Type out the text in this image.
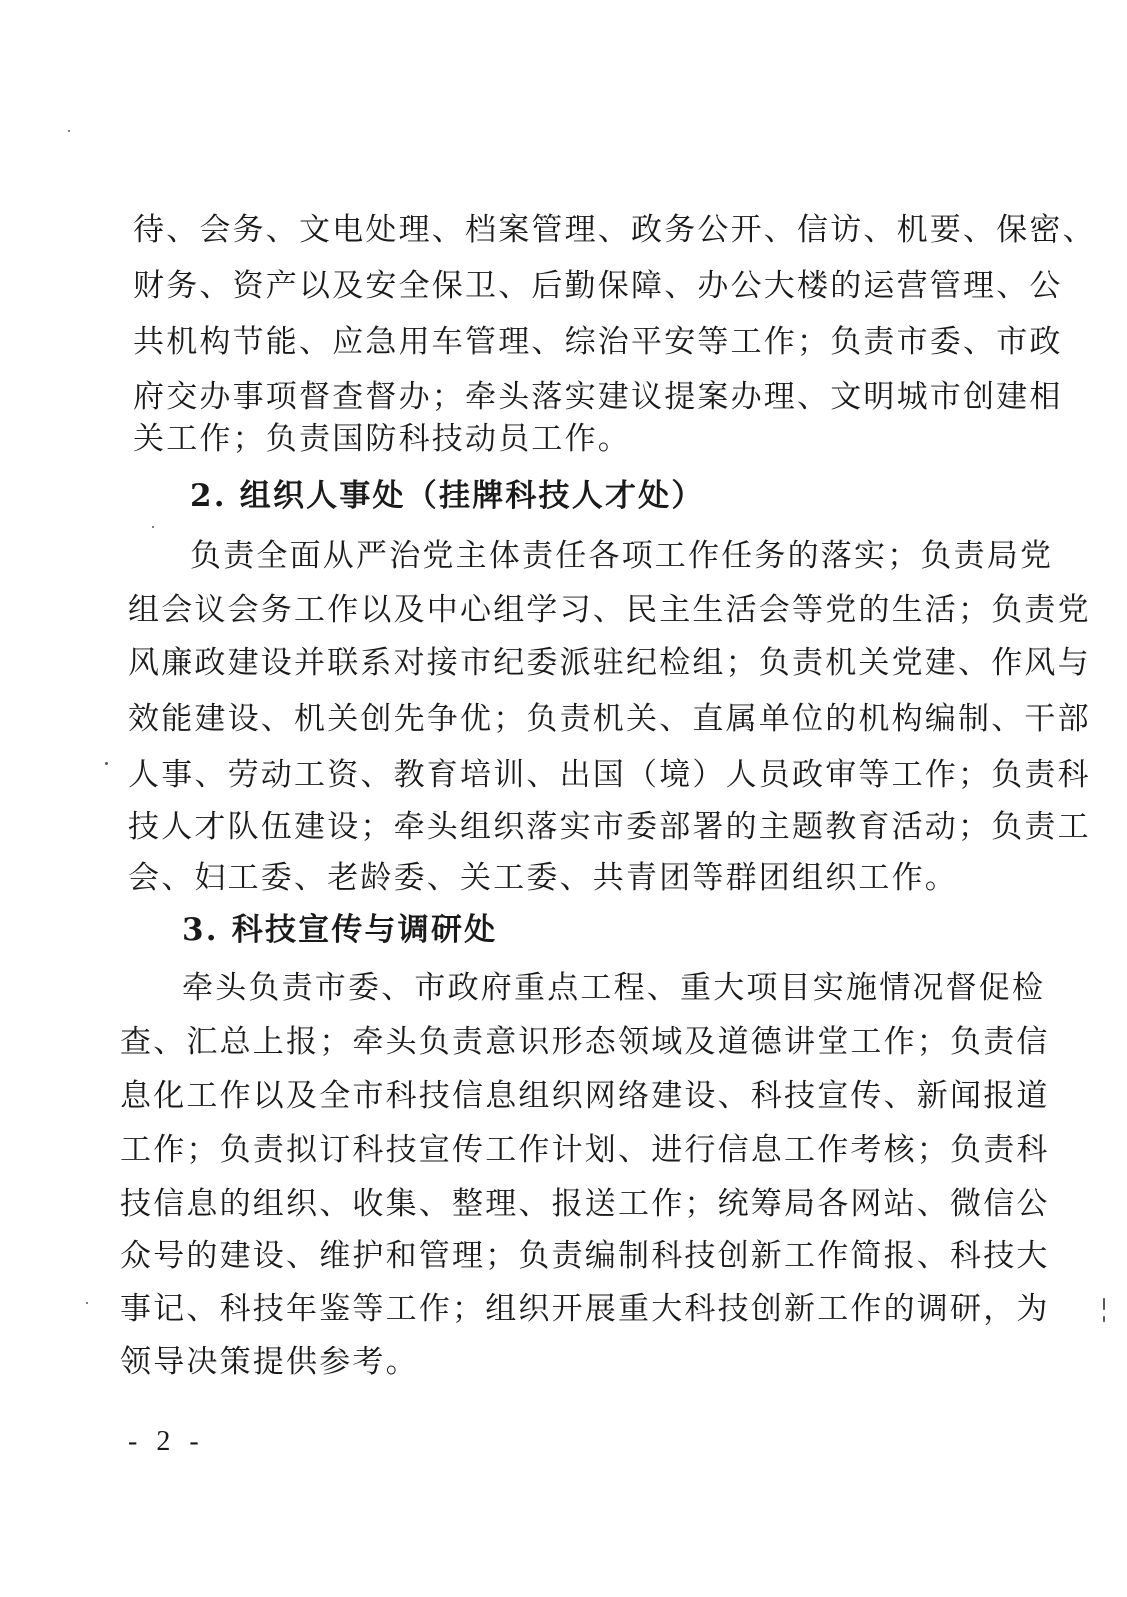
待、会务、文电处理、档案管理、政务公开、信访、机要、保密、
财务、资产以及安全保卫、后勤保障、办公大楼的运营管理、公
共机构节能、应急用车管理、综治平安等工作；负责市委、市政
府交办事项督查督办；牵头落实建议提案办理、文明城市创建相
关工作；负责国防科技动员工作。
2. 组织人事处（挂牌科技人才处）
负责全面从严治党主体责任各项工作任务的落实；负责局党
组会议会务工作以及中心组学习、民主生活会等党的生活；负责党
风廉政建设并联系对接市纪委派驻纪检组；负责机关党建、作风与
效能建设、机关创先争优；负责机关、直属单位的机构编制、干部
人事、劳动工资、教育培训、出国（境）人员政审等工作；负责科
技人才队伍建设；牵头组织落实市委部署的主题教育活动；负责工
会、妇工委、老龄委、关工委、共青团等群团组织工作。
3. 科技宣传与调研处
牵头负责市委、市政府重点工程、重大项目实施情况督促检
查、汇总上报；牵头负责意识形态领域及道德讲堂工作；负责信
息化工作以及全市科技信息组织网络建设、科技宣传、新闻报道
工作；负责拟订科技宣传工作计划、进行信息工作考核；负责科
技信息的组织、收集、整理、报送工作；统筹局各网站、微信公
众号的建设、维护和管理；负责编制科技创新工作简报、科技大
事记、科技年鉴等工作；组织开展重大科技创新工作的调研，为
领导决策提供参考。
- 2 -
